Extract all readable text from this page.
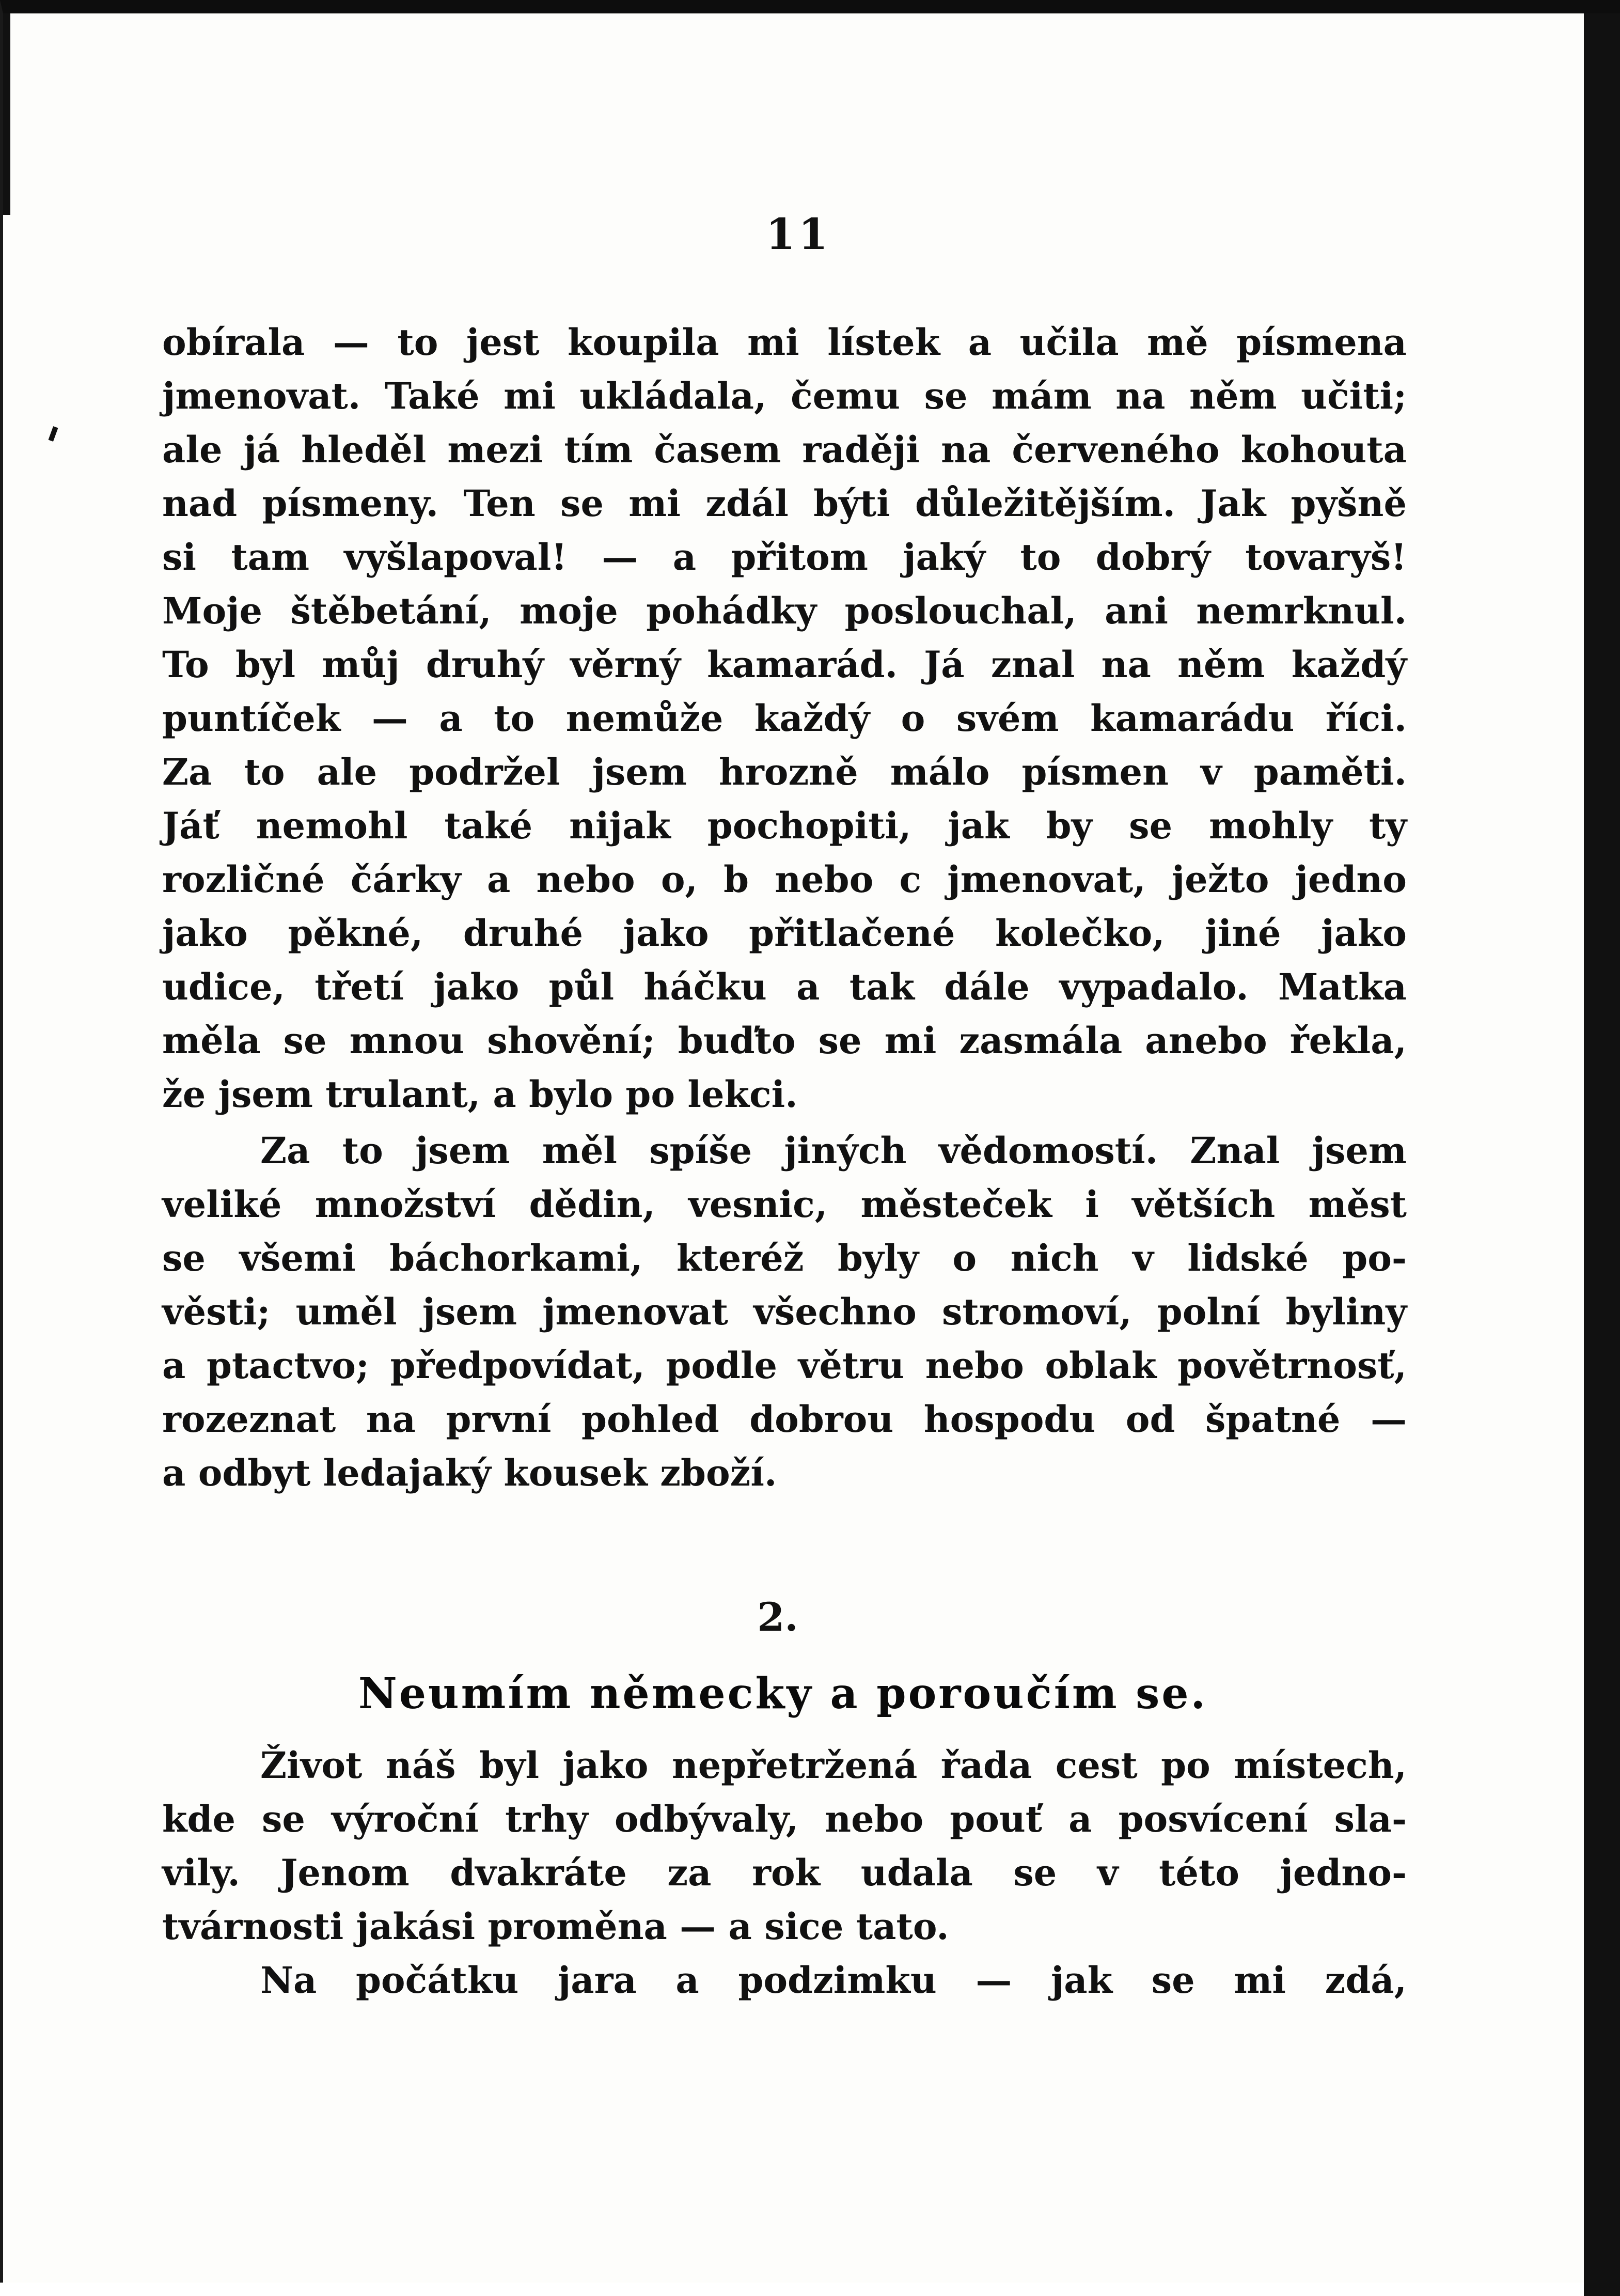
11
obírala — to jest koupila mi lístek a učila mě písmena
jmenovat. Také mi ukládala, čemu se mám na něm učiti;
ale já hleděl mezi tím časem raději na červeného kohouta
nad písmeny. Ten se mi zdál býti důležitějším. Jak pyšně
si tam vyšlapoval! — a přitom jaký to dobrý tovaryš!
Moje štěbetání, moje pohádky poslouchal, ani nemrknul.
To byl můj druhý věrný kamarád. Já znal na něm každý
puntíček — a to nemůže každý o svém kamarádu říci.
Za to ale podržel jsem hrozně málo písmen v paměti.
Jáť nemohl také nijak pochopiti, jak by se mohly ty
rozličné čárky a nebo o, b nebo c jmenovat, ježto jedno
jako pěkné, druhé jako přitlačené kolečko, jiné jako
udice, třetí jako půl háčku a tak dále vypadalo. Matka
měla se mnou shovění; buďto se mi zasmála anebo řekla,
že jsem trulant, a bylo po lekci.
Za to jsem měl spíše jiných vědomostí. Znal jsem
veliké množství dědin, vesnic, městeček i větších měst
se všemi báchorkami, kteréž byly o nich v lidské po-
věsti; uměl jsem jmenovat všechno stromoví, polní byliny
a ptactvo; předpovídat, podle větru nebo oblak povětrnosť,
rozeznat na první pohled dobrou hospodu od špatné —
a odbyt ledajaký kousek zboží.
2.
Neumím německy a poroučím se.
Život náš byl jako nepřetržená řada cest po místech,
kde se výroční trhy odbývaly, nebo pouť a posvícení sla-
vily. Jenom dvakráte za rok udala se v této jedno-
tvárnosti jakási proměna — a sice tato.
Na počátku jara a podzimku — jak se mi zdá,
